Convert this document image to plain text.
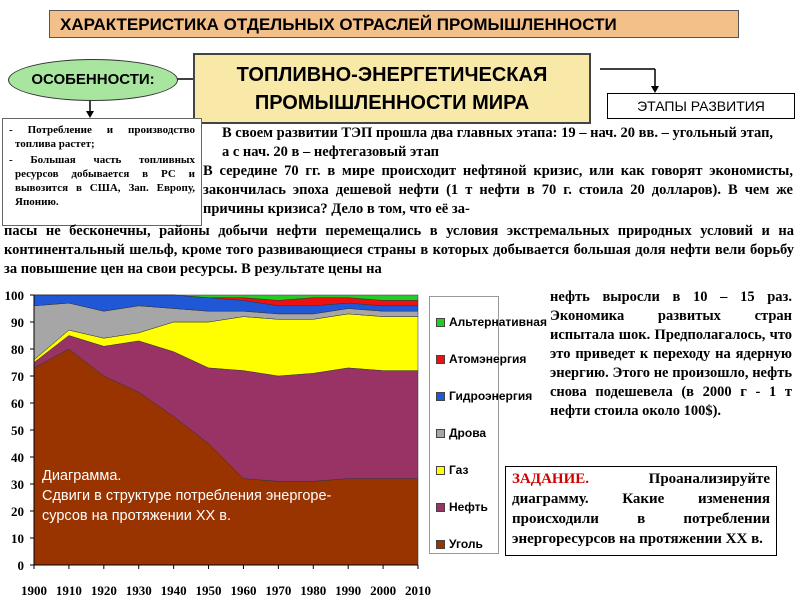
ХАРАКТЕРИСТИКА ОТДЕЛЬНЫХ ОТРАСЛЕЙ ПРОМЫШЛЕННОСТИ
ОСОБЕННОСТИ:	ТОПЛИВНО-ЭНЕРГЕТИЧЕСКАЯ
ПРОМЫШЛЕННОСТИ МИРА	ЭТАПЫ РАЗВИТИЯ
- Потребление и производство топлива растет;
- Большая часть топливных ресурсов добывается в РС и вывозится в США, Зап. Европу, Японию.
В своем развитии ТЭП прошла два главных этапа: 19 – нач. 20 вв. – угольный этап, а с нач. 20 в – нефтегазовый этап
В середине 70 гг. в мире происходит нефтяной кризис, или как говорят экономисты, закончилась эпоха дешевой нефти (1 т нефти в 70 г. стоила 20 долларов). В чем же причины кризиса? Дело в том, что её за-
пасы не бесконечны, районы добычи нефти перемещались в условия экстремальных природных условий и на континентальный шельф, кроме того развивающиеся страны в которых добывается большая доля нефти вели борьбу за повышение цен на свои ресурсы. В результате цены на
нефть выросли в 10 – 15 раз. Экономика развитых стран испытала шок. Предполагалось, что это приведет к переходу на ядерную энергию. Этого не произошло, нефть снова подешевела (в 2000 г - 1 т нефти стоила около 100$).
0
10
20
30
40
50
60
70
80
90
100
1900 1910 1920 1930 1940 1950 1960 1970 1980 1990 2000 2010
Альтернативная
Атомэнергия
Гидроэнергия
Дрова
Газ
Нефть
Уголь
Диаграмма.
Сдвиги в структуре потребления энергоре-
сурсов на протяжении XX в.
ЗАДАНИЕ. Проанализируйте диаграмму. Какие изменения происходили в потреблении энергоресурсов на протяжении XX в.
